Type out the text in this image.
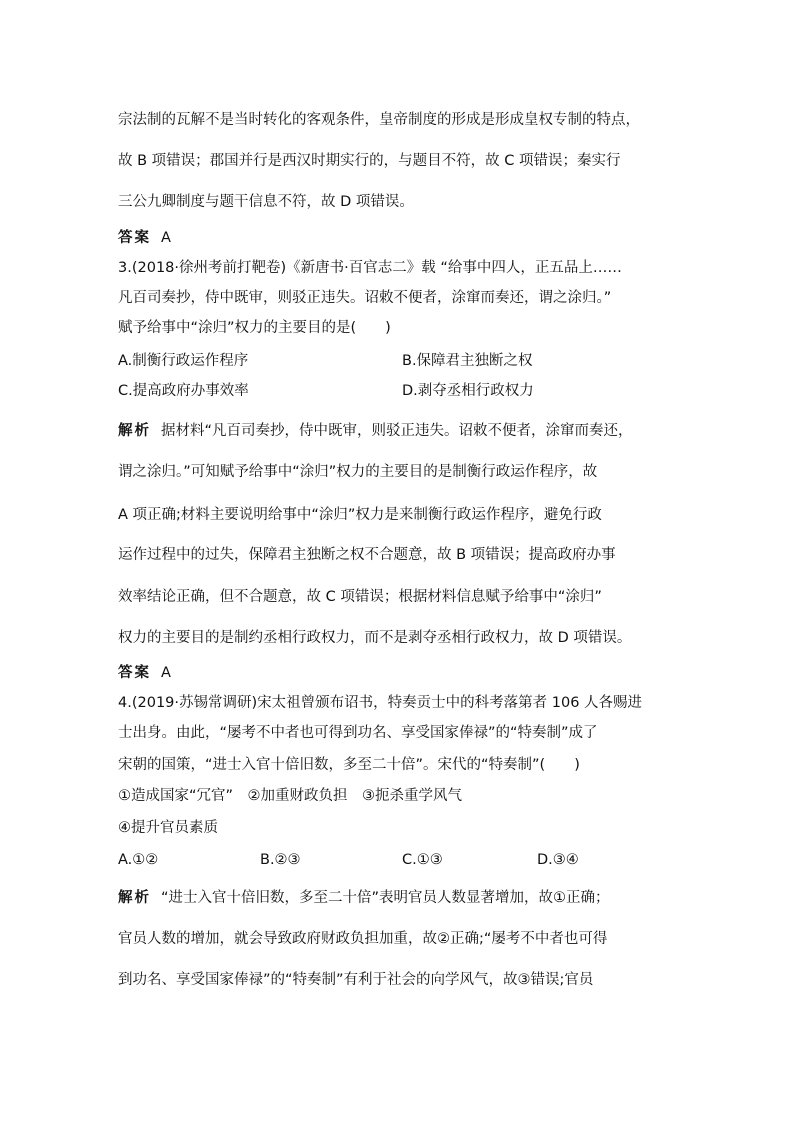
宗法制的瓦解不是当时转化的客观条件，皇帝制度的形成是形成皇权专制的特点，
故 B 项错误；郡国并行是西汉时期实行的，与题目不符，故 C 项错误；秦实行
三公九卿制度与题干信息不符，故 D 项错误。
答案 A
3.(2018·徐州考前打靶卷)《新唐书·百官志二》载 “给事中四人，正五品上……
凡百司奏抄，侍中既审，则驳正违失。诏敕不便者，涂窜而奏还，谓之涂归。”
赋予给事中“涂归”权力的主要目的是(　　)
A.制衡行政运作程序	B.保障君主独断之权
C.提高政府办事效率	D.剥夺丞相行政权力
解析 据材料“凡百司奏抄，侍中既审，则驳正违失。诏敕不便者，涂窜而奏还，
谓之涂归。”可知赋予给事中“涂归”权力的主要目的是制衡行政运作程序，故
A 项正确;材料主要说明给事中“涂归”权力是来制衡行政运作程序，避免行政
运作过程中的过失，保障君主独断之权不合题意，故 B 项错误；提高政府办事
效率结论正确，但不合题意，故 C 项错误；根据材料信息赋予给事中“涂归”
权力的主要目的是制约丞相行政权力，而不是剥夺丞相行政权力，故 D 项错误。
答案 A
4.(2019·苏锡常调研)宋太祖曾颁布诏书，特奏贡士中的科考落第者 106 人各赐进
士出身。由此，“屡考不中者也可得到功名、享受国家俸禄”的“特奏制”成了
宋朝的国策，“进士入官十倍旧数，多至二十倍”。宋代的“特奏制”(　　)
①造成国家“冗官”　②加重财政负担　③扼杀重学风气
④提升官员素质
A.①②	B.②③	C.①③	D.③④
解析 “进士入官十倍旧数，多至二十倍”表明官员人数显著增加，故①正确；
官员人数的增加，就会导致政府财政负担加重，故②正确;“屡考不中者也可得
到功名、享受国家俸禄”的“特奏制”有利于社会的向学风气，故③错误;官员
